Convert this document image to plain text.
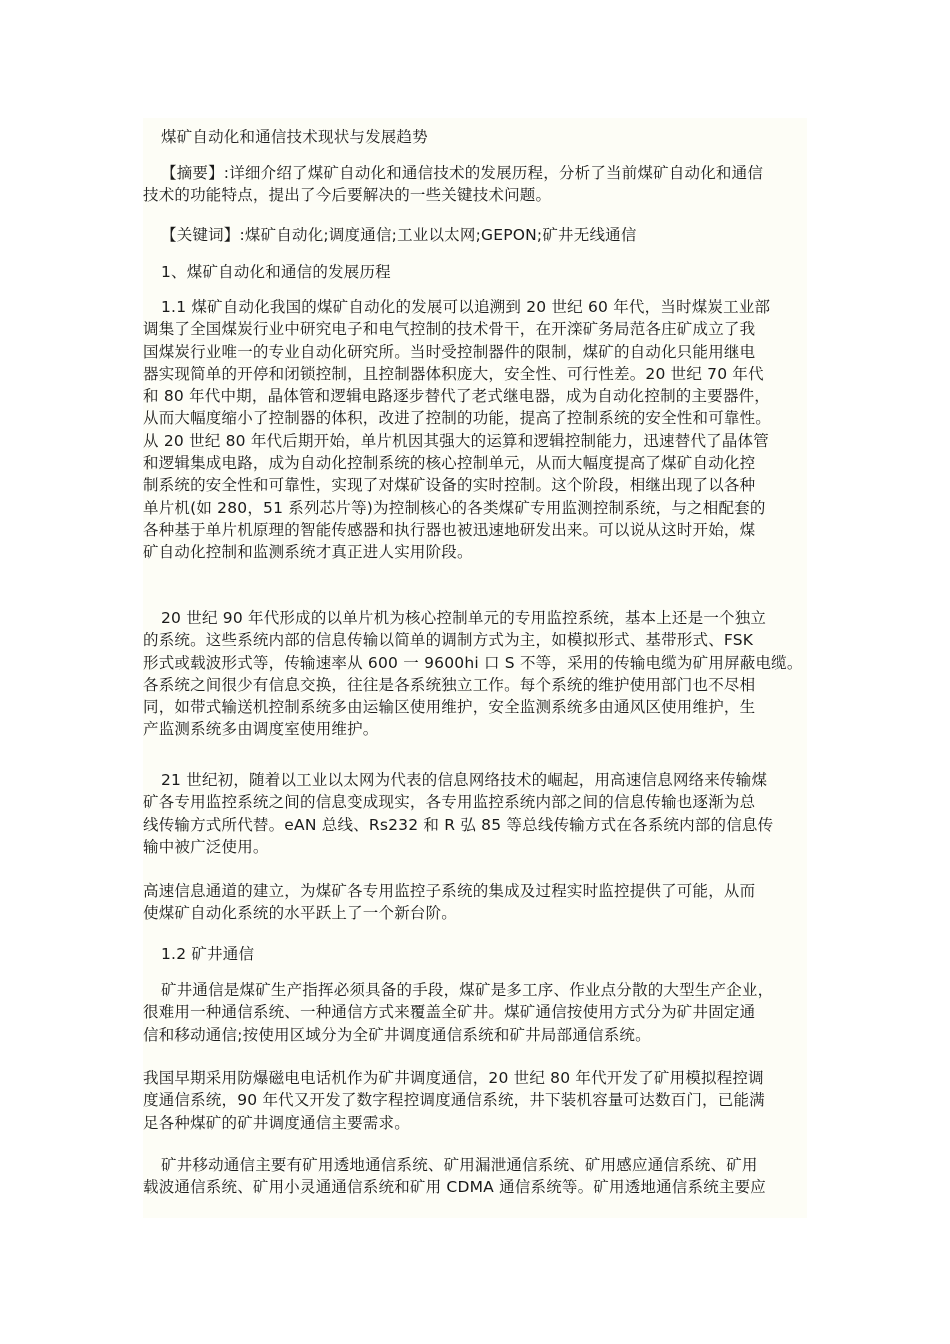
煤矿自动化和通信技术现状与发展趋势

【摘要】:详细介绍了煤矿自动化和通信技术的发展历程，分析了当前煤矿自动化和通信
技术的功能特点，提出了今后要解决的一些关键技术问题。

【关键词】:煤矿自动化;调度通信;工业以太网;GEPON;矿井无线通信

1、煤矿自动化和通信的发展历程

1.1 煤矿自动化我国的煤矿自动化的发展可以追溯到 20 世纪 60 年代，当时煤炭工业部
调集了全国煤炭行业中研究电子和电气控制的技术骨干，在开滦矿务局范各庄矿成立了我
国煤炭行业唯一的专业自动化研究所。当时受控制器件的限制，煤矿的自动化只能用继电
器实现简单的开停和闭锁控制，且控制器体积庞大，安全性、可行性差。20 世纪 70 年代
和 80 年代中期，晶体管和逻辑电路逐步替代了老式继电器，成为自动化控制的主要器件，
从而大幅度缩小了控制器的体积，改进了控制的功能，提高了控制系统的安全性和可靠性。
从 20 世纪 80 年代后期开始，单片机因其强大的运算和逻辑控制能力，迅速替代了晶体管
和逻辑集成电路，成为自动化控制系统的核心控制单元，从而大幅度提高了煤矿自动化控
制系统的安全性和可靠性，实现了对煤矿设备的实时控制。这个阶段，相继出现了以各种
单片机(如 280，51 系列芯片等)为控制核心的各类煤矿专用监测控制系统，与之相配套的
各种基于单片机原理的智能传感器和执行器也被迅速地研发出来。可以说从这时开始，煤
矿自动化控制和监测系统才真正进人实用阶段。

20 世纪 90 年代形成的以单片机为核心控制单元的专用监控系统，基本上还是一个独立
的系统。这些系统内部的信息传输以简单的调制方式为主，如模拟形式、基带形式、FSK
形式或载波形式等，传输速率从 600 一 9600hi 口 S 不等，采用的传输电缆为矿用屏蔽电缆。
各系统之间很少有信息交换，往往是各系统独立工作。每个系统的维护使用部门也不尽相
同，如带式输送机控制系统多由运输区使用维护，安全监测系统多由通风区使用维护，生
产监测系统多由调度室使用维护。

21 世纪初，随着以工业以太网为代表的信息网络技术的崛起，用高速信息网络来传输煤
矿各专用监控系统之间的信息变成现实，各专用监控系统内部之间的信息传输也逐渐为总
线传输方式所代替。eAN 总线、Rs232 和 R 弘 85 等总线传输方式在各系统内部的信息传
输中被广泛使用。

高速信息通道的建立，为煤矿各专用监控子系统的集成及过程实时监控提供了可能，从而
使煤矿自动化系统的水平跃上了一个新台阶。

1.2 矿井通信

矿井通信是煤矿生产指挥必须具备的手段，煤矿是多工序、作业点分散的大型生产企业，
很难用一种通信系统、一种通信方式来覆盖全矿井。煤矿通信按使用方式分为矿井固定通
信和移动通信;按使用区域分为全矿井调度通信系统和矿井局部通信系统。

我国早期采用防爆磁电电话机作为矿井调度通信，20 世纪 80 年代开发了矿用模拟程控调
度通信系统，90 年代又开发了数字程控调度通信系统，井下装机容量可达数百门，已能满
足各种煤矿的矿井调度通信主要需求。

矿井移动通信主要有矿用透地通信系统、矿用漏泄通信系统、矿用感应通信系统、矿用
载波通信系统、矿用小灵通通信系统和矿用 CDMA 通信系统等。矿用透地通信系统主要应
